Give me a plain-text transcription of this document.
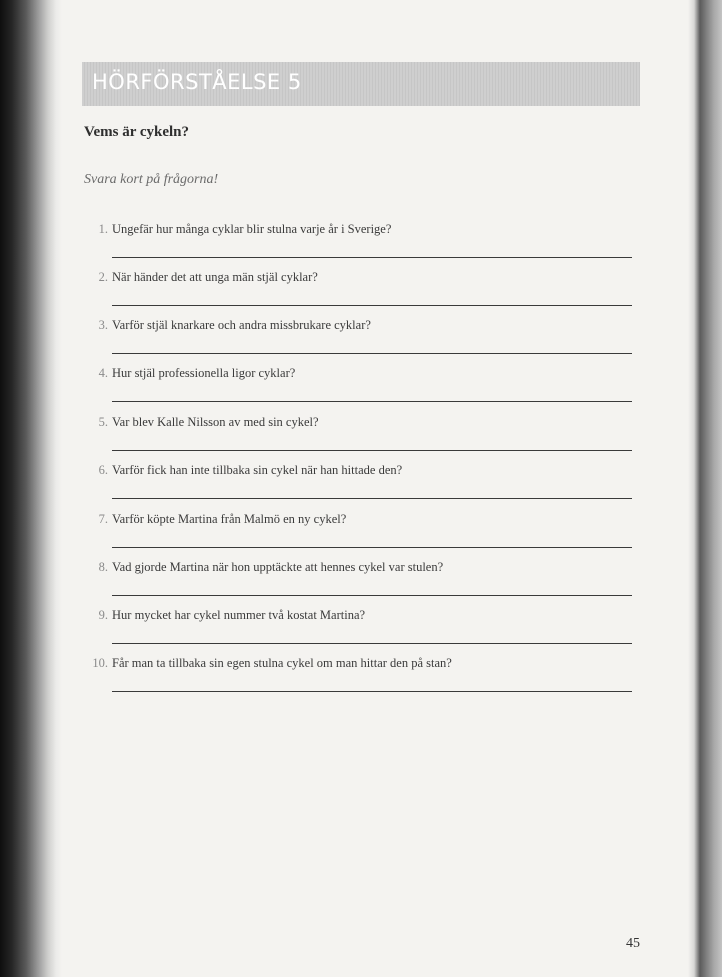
HÖRFÖRSTÅELSE 5
Vems är cykeln?

Svara kort på frågorna!

1. Ungefär hur många cyklar blir stulna varje år i Sverige?
2. När händer det att unga män stjäl cyklar?
3. Varför stjäl knarkare och andra missbrukare cyklar?
4. Hur stjäl professionella ligor cyklar?
5. Var blev Kalle Nilsson av med sin cykel?
6. Varför fick han inte tillbaka sin cykel när han hittade den?
7. Varför köpte Martina från Malmö en ny cykel?
8. Vad gjorde Martina när hon upptäckte att hennes cykel var stulen?
9. Hur mycket har cykel nummer två kostat Martina?
10. Får man ta tillbaka sin egen stulna cykel om man hittar den på stan?

45
